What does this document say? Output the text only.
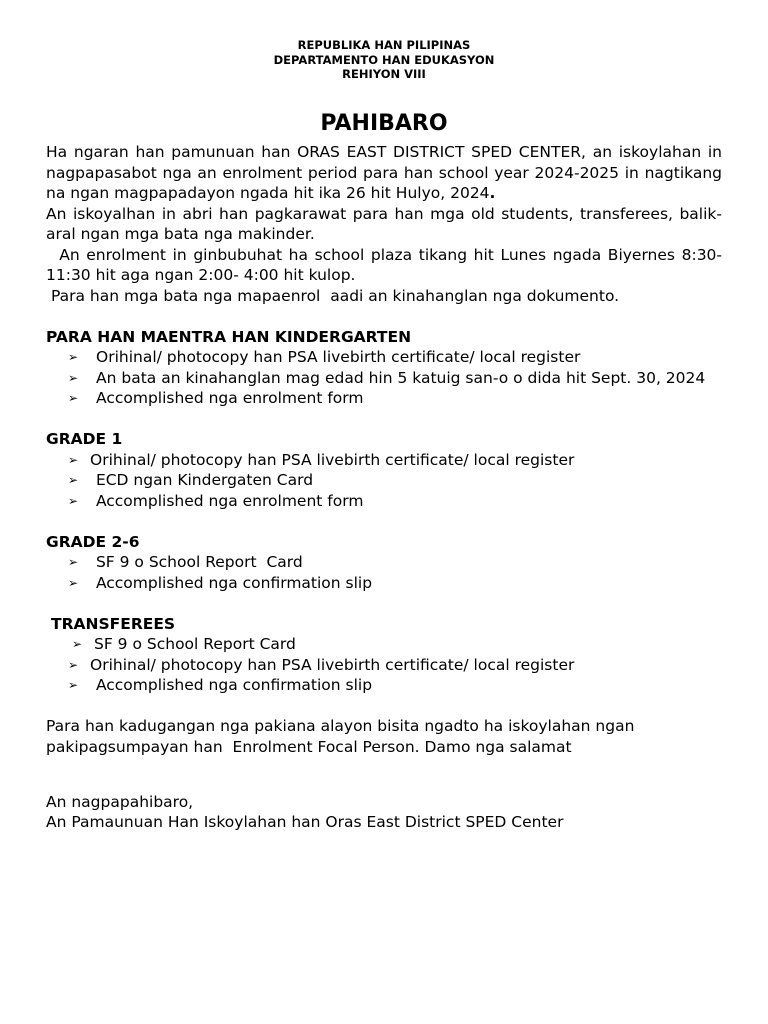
REPUBLIKA HAN PILIPINAS
DEPARTAMENTO HAN EDUKASYON
REHIYON VIII
PAHIBARO

Ha ngaran han pamunuan han ORAS EAST DISTRICT SPED CENTER, an iskoylahan in nagpapasabot nga an enrolment period para han school year 2024-2025 in nagtikang na ngan magpapadayon ngada hit ika 26 hit Hulyo, 2024.

An iskoyalhan in abri han pagkarawat para han mga old students, transferees, balik-aral ngan mga bata nga makinder.

An enrolment in ginbubuhat ha school plaza tikang hit Lunes ngada Biyernes 8:30- 11:30 hit aga ngan 2:00- 4:00 hit kulop.

Para han mga bata nga mapaenrol  aadi an kinahanglan nga dokumento.

PARA HAN MAENTRA HAN KINDERGARTEN
➢ Orihinal/ photocopy han PSA livebirth certificate/ local register
➢ An bata an kinahanglan mag edad hin 5 katuig san-o o dida hit Sept. 30, 2024
➢ Accomplished nga enrolment form
GRADE 1
➢ Orihinal/ photocopy han PSA livebirth certificate/ local register
➢ ECD ngan Kindergaten Card
➢ Accomplished nga enrolment form
GRADE 2-6
➢ SF 9 o School Report  Card
➢ Accomplished nga confirmation slip
TRANSFEREES
➢ SF 9 o School Report Card
➢ Orihinal/ photocopy han PSA livebirth certificate/ local register
➢ Accomplished nga confirmation slip

Para han kadugangan nga pakiana alayon bisita ngadto ha iskoylahan ngan

pakipagsumpayan han  Enrolment Focal Person. Damo nga salamat

An nagpapahibaro,

An Pamaunuan Han Iskoylahan han Oras East District SPED Center
